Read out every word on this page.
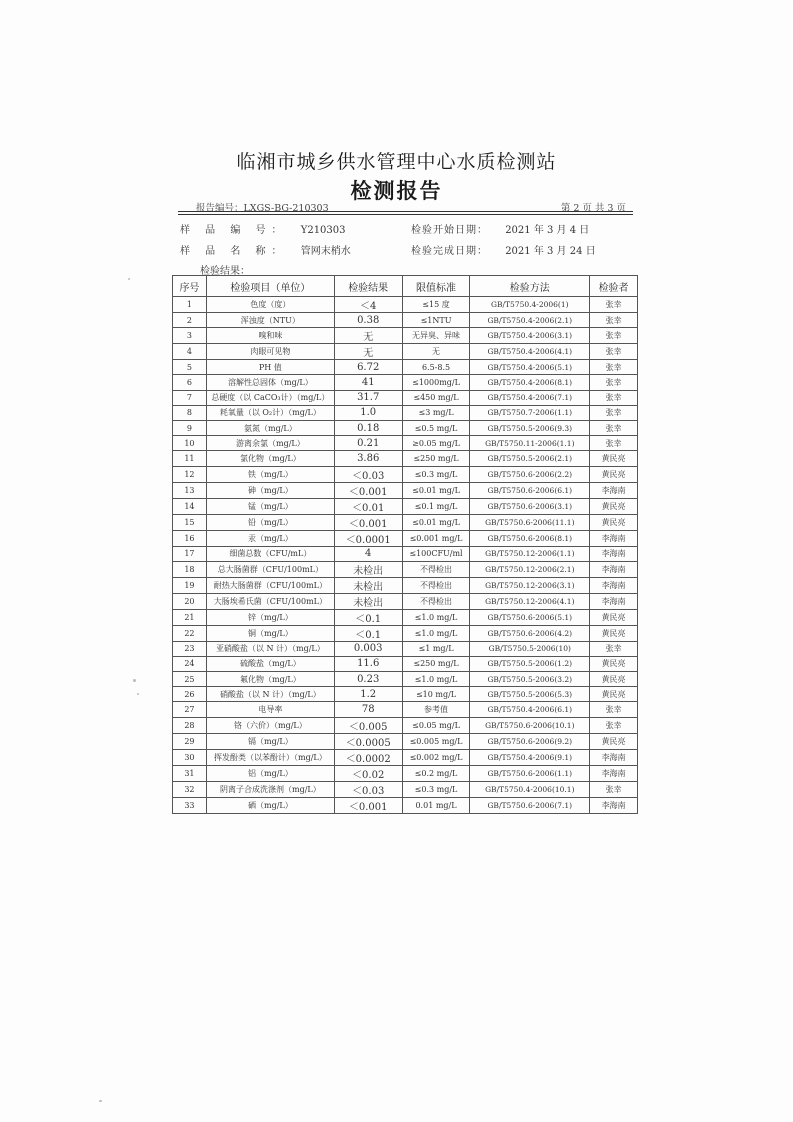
临湘市城乡供水管理中心水质检测站
检测报告
报告编号：LXGS-BG-210303	第 2 页 共 3 页
样 品 编 号： Y210303	检验开始日期： 2021 年 3 月 4 日
样 品 名 称： 管网末梢水	检验完成日期： 2021 年 3 月 24 日
检验结果：
序号	检验项目（单位）	检验结果	限值标准	检验方法	检验者
1	色度（度）	＜4	≤15 度	GB/T5750.4-2006(1)	张幸
2	浑浊度（NTU）	0.38	≤1NTU	GB/T5750.4-2006(2.1)	张幸
3	嗅和味	无	无异臭、异味	GB/T5750.4-2006(3.1)	张幸
4	肉眼可见物	无	无	GB/T5750.4-2006(4.1)	张幸
5	PH 值	6.72	6.5-8.5	GB/T5750.4-2006(5.1)	张幸
6	溶解性总固体（mg/L）	41	≤1000mg/L	GB/T5750.4-2006(8.1)	张幸
7	总硬度（以 CaCO₃计）（mg/L）	31.7	≤450 mg/L	GB/T5750.4-2006(7.1)	张幸
8	耗氧量（以 O₂计）（mg/L）	1.0	≤3 mg/L	GB/T5750.7-2006(1.1)	张幸
9	氨氮（mg/L）	0.18	≤0.5 mg/L	GB/T5750.5-2006(9.3)	张幸
10	游离余氯（mg/L）	0.21	≥0.05 mg/L	GB/T5750.11-2006(1.1)	张幸
11	氯化物（mg/L）	3.86	≤250 mg/L	GB/T5750.5-2006(2.1)	黄民亮
12	铁（mg/L）	＜0.03	≤0.3 mg/L	GB/T5750.6-2006(2.2)	黄民亮
13	砷（mg/L）	＜0.001	≤0.01 mg/L	GB/T5750.6-2006(6.1)	李海南
14	锰（mg/L）	＜0.01	≤0.1 mg/L	GB/T5750.6-2006(3.1)	黄民亮
15	铅（mg/L）	＜0.001	≤0.01 mg/L	GB/T5750.6-2006(11.1)	黄民亮
16	汞（mg/L）	＜0.0001	≤0.001 mg/L	GB/T5750.6-2006(8.1)	李海南
17	细菌总数（CFU/mL）	4	≤100CFU/ml	GB/T5750.12-2006(1.1)	李海南
18	总大肠菌群（CFU/100mL）	未检出	不得检出	GB/T5750.12-2006(2.1)	李海南
19	耐热大肠菌群（CFU/100mL）	未检出	不得检出	GB/T5750.12-2006(3.1)	李海南
20	大肠埃希氏菌（CFU/100mL）	未检出	不得检出	GB/T5750.12-2006(4.1)	李海南
21	锌（mg/L）	＜0.1	≤1.0 mg/L	GB/T5750.6-2006(5.1)	黄民亮
22	铜（mg/L）	＜0.1	≤1.0 mg/L	GB/T5750.6-2006(4.2)	黄民亮
23	亚硝酸盐（以 N 计）（mg/L）	0.003	≤1 mg/L	GB/T5750.5-2006(10)	张幸
24	硫酸盐（mg/L）	11.6	≤250 mg/L	GB/T5750.5-2006(1.2)	黄民亮
25	氟化物（mg/L）	0.23	≤1.0 mg/L	GB/T5750.5-2006(3.2)	黄民亮
26	硝酸盐（以 N 计）（mg/L）	1.2	≤10 mg/L	GB/T5750.5-2006(5.3)	黄民亮
27	电导率	78	参考值	GB/T5750.4-2006(6.1)	张幸
28	铬（六价）（mg/L）	＜0.005	≤0.05 mg/L	GB/T5750.6-2006(10.1)	张幸
29	镉（mg/L）	＜0.0005	≤0.005 mg/L	GB/T5750.6-2006(9.2)	黄民亮
30	挥发酚类（以苯酚计）（mg/L）	＜0.0002	≤0.002 mg/L	GB/T5750.4-2006(9.1)	李海南
31	铝（mg/L）	＜0.02	≤0.2 mg/L	GB/T5750.6-2006(1.1)	李海南
32	阴离子合成洗涤剂（mg/L）	＜0.03	≤0.3 mg/L	GB/T5750.4-2006(10.1)	张幸
33	硒（mg/L）	＜0.001	0.01 mg/L	GB/T5750.6-2006(7.1)	李海南
